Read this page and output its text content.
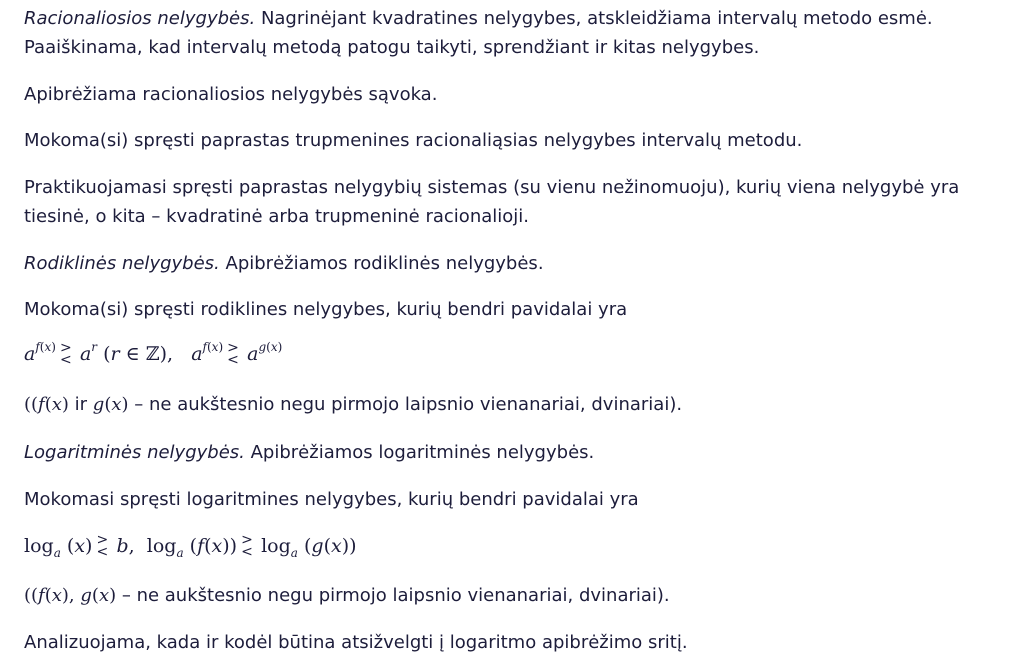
Racionaliosios nelygybės. Nagrinėjant kvadratines nelygybes, atskleidžiama intervalų metodo esmė.
Paaiškinama, kad intervalų metodą patogu taikyti, sprendžiant ir kitas nelygybes.
Apibrėžiama racionaliosios nelygybės sąvoka.
Mokoma(si) spręsti paprastas trupmenines racionaliąsias nelygybes intervalų metodu.
Praktikuojamasi spręsti paprastas nelygybių sistemas (su vienu nežinomuoju), kurių viena nelygybė yra
tiesinė, o kita – kvadratinė arba trupmeninė racionalioji.
Rodiklinės nelygybės. Apibrėžiamos rodiklinės nelygybės.
Mokoma(si) spręsti rodiklines nelygybes, kurių bendri pavidalai yra
$a^{f(x)}$ >
< $a^r$ (r ∈ ℤ), $a^{f(x)}$ >
< $a^{g(x)}$
((f(x) ir g(x) – ne aukštesnio negu pirmojo laipsnio vienanariai, dvinariai).
Logaritminės nelygybės. Apibrėžiamos logaritminės nelygybės.
Mokomasi spręsti logaritmines nelygybes, kurių bendri pavidalai yra
$\log_a (x)$ >
< b, $\log_a (f(x))$ >
< $\log_a (g(x))$
((f(x), g(x) – ne aukštesnio negu pirmojo laipsnio vienanariai, dvinariai).
Analizuojama, kada ir kodėl būtina atsižvelgti į logaritmo apibrėžimo sritį.
